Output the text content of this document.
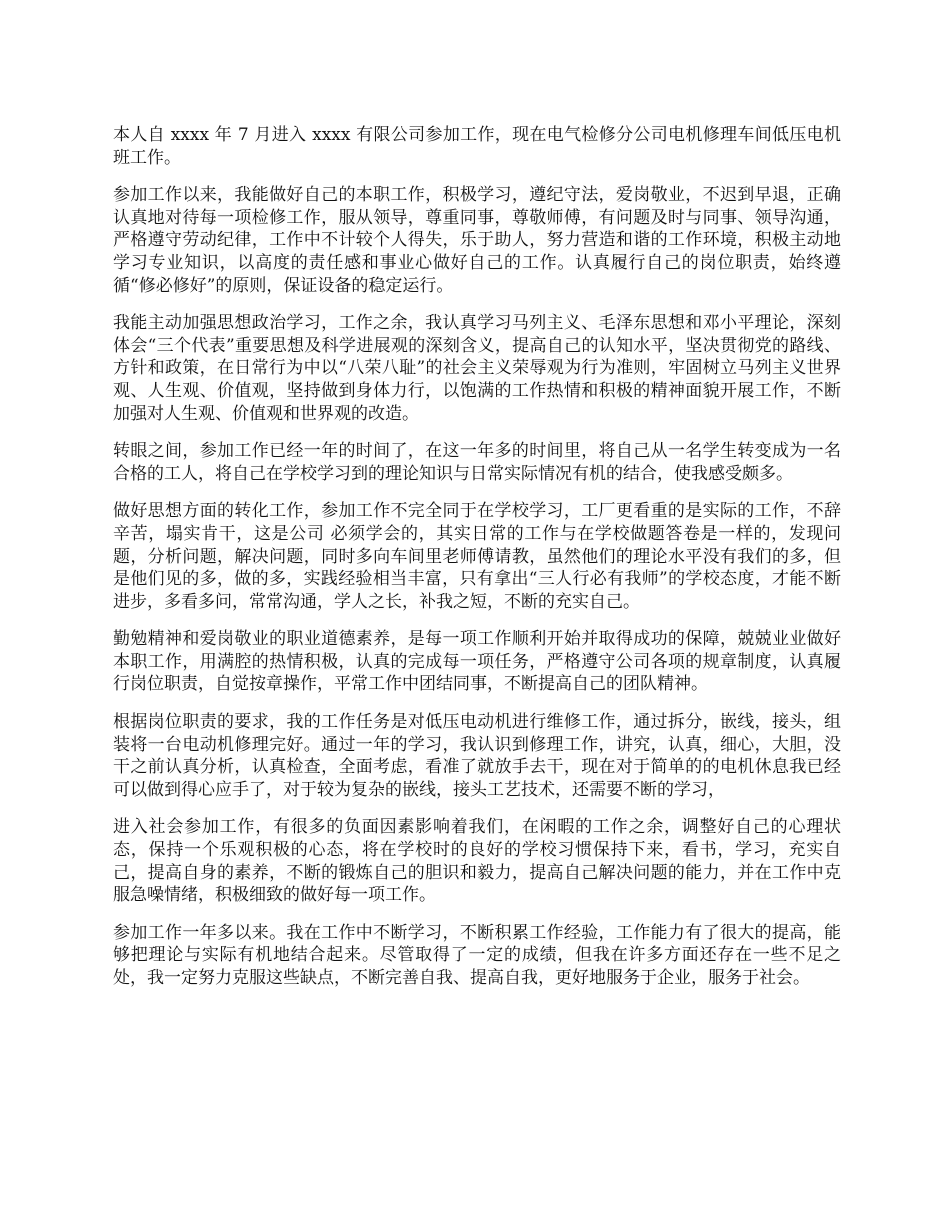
本人自 xxxx 年 7 月进入 xxxx 有限公司参加工作，现在电气检修分公司电机修理车间低压电机班工作。

参加工作以来，我能做好自己的本职工作，积极学习，遵纪守法，爱岗敬业，不迟到早退，正确认真地对待每一项检修工作，服从领导，尊重同事，尊敬师傅，有问题及时与同事、领导沟通，严格遵守劳动纪律，工作中不计较个人得失，乐于助人，努力营造和谐的工作环境，积极主动地学习专业知识，以高度的责任感和事业心做好自己的工作。认真履行自己的岗位职责，始终遵循“修必修好”的原则，保证设备的稳定运行。

我能主动加强思想政治学习，工作之余，我认真学习马列主义、毛泽东思想和邓小平理论，深刻体会“三个代表”重要思想及科学进展观的深刻含义，提高自己的认知水平，坚决贯彻党的路线、方针和政策，在日常行为中以“八荣八耻”的社会主义荣辱观为行为准则，牢固树立马列主义世界观、人生观、价值观，坚持做到身体力行，以饱满的工作热情和积极的精神面貌开展工作，不断加强对人生观、价值观和世界观的改造。

转眼之间，参加工作已经一年的时间了，在这一年多的时间里，将自己从一名学生转变成为一名合格的工人，将自己在学校学习到的理论知识与日常实际情况有机的结合，使我感受颇多。

做好思想方面的转化工作，参加工作不完全同于在学校学习，工厂更看重的是实际的工作，不辞辛苦，塌实肯干，这是公司 必须学会的，其实日常的工作与在学校做题答卷是一样的，发现问题，分析问题，解决问题，同时多向车间里老师傅请教，虽然他们的理论水平没有我们的多，但是他们见的多，做的多，实践经验相当丰富，只有拿出“三人行必有我师”的学校态度，才能不断进步，多看多问，常常沟通，学人之长，补我之短，不断的充实自己。

勤勉精神和爱岗敬业的职业道德素养，是每一项工作顺利开始并取得成功的保障，兢兢业业做好本职工作，用满腔的热情积极，认真的完成每一项任务，严格遵守公司各项的规章制度，认真履行岗位职责，自觉按章操作，平常工作中团结同事，不断提高自己的团队精神。

根据岗位职责的要求，我的工作任务是对低压电动机进行维修工作，通过拆分，嵌线，接头，组装将一台电动机修理完好。通过一年的学习，我认识到修理工作，讲究，认真，细心，大胆，没干之前认真分析，认真检查，全面考虑，看准了就放手去干，现在对于简单的的电机休息我已经可以做到得心应手了，对于较为复杂的嵌线，接头工艺技术，还需要不断的学习，

进入社会参加工作，有很多的负面因素影响着我们，在闲暇的工作之余，调整好自己的心理状态，保持一个乐观积极的心态，将在学校时的良好的学校习惯保持下来，看书，学习，充实自己，提高自身的素养，不断的锻炼自己的胆识和毅力，提高自己解决问题的能力，并在工作中克服急噪情绪，积极细致的做好每一项工作。

参加工作一年多以来。我在工作中不断学习，不断积累工作经验，工作能力有了很大的提高，能够把理论与实际有机地结合起来。尽管取得了一定的成绩，但我在许多方面还存在一些不足之处，我一定努力克服这些缺点，不断完善自我、提高自我，更好地服务于企业，服务于社会。
